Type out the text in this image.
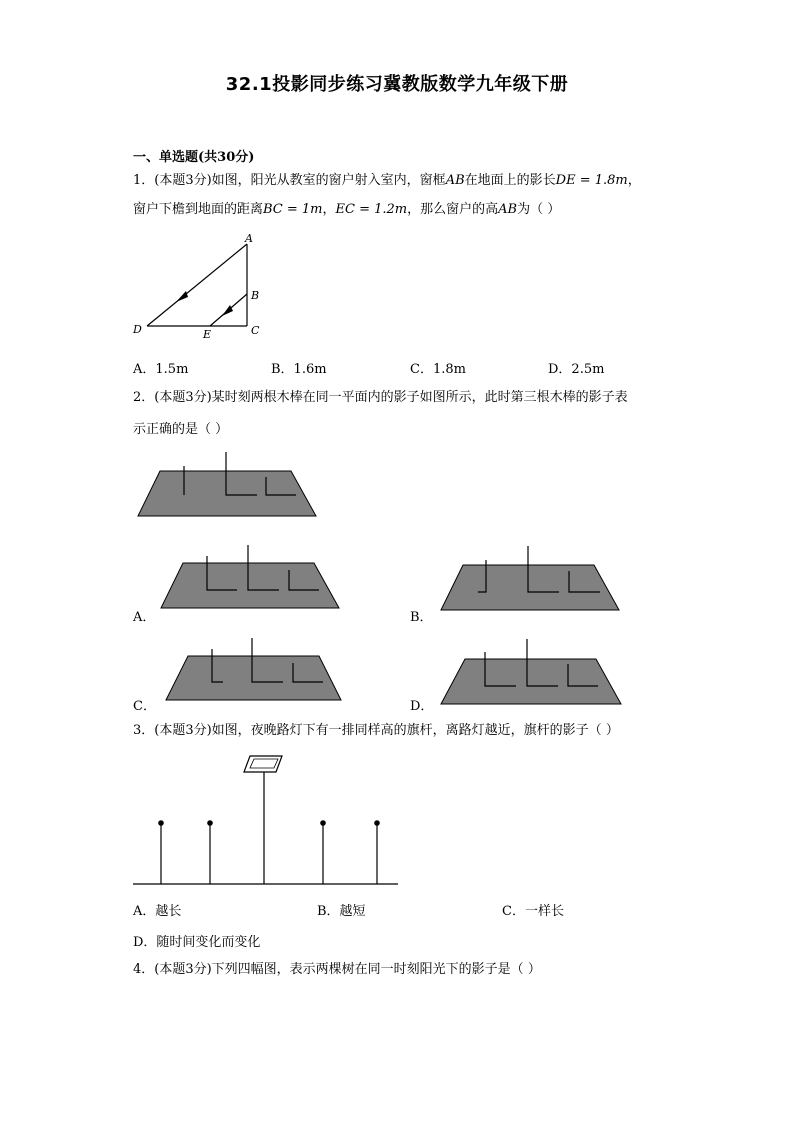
32.1投影同步练习冀教版数学九年级下册
一、单选题(共30分)
1．(本题3分)如图，阳光从教室的窗户射入室内，窗框AB在地面上的影长DE = 1.8m，
窗户下檐到地面的距离BC = 1m，EC = 1.2m，那么窗户的高AB为（ ）
A
B
C
D	E
A．1.5m	B．1.6m	C．1.8m	D．2.5m
2．(本题3分)某时刻两根木棒在同一平面内的影子如图所示，此时第三根木棒的影子表
示正确的是（ ）
A．	B．
C．	D．
3．(本题3分)如图，夜晚路灯下有一排同样高的旗杆，离路灯越近，旗杆的影子（ ）
A．越长	B．越短	C．一样长
D．随时间变化而变化
4．(本题3分)下列四幅图，表示两棵树在同一时刻阳光下的影子是（ ）
